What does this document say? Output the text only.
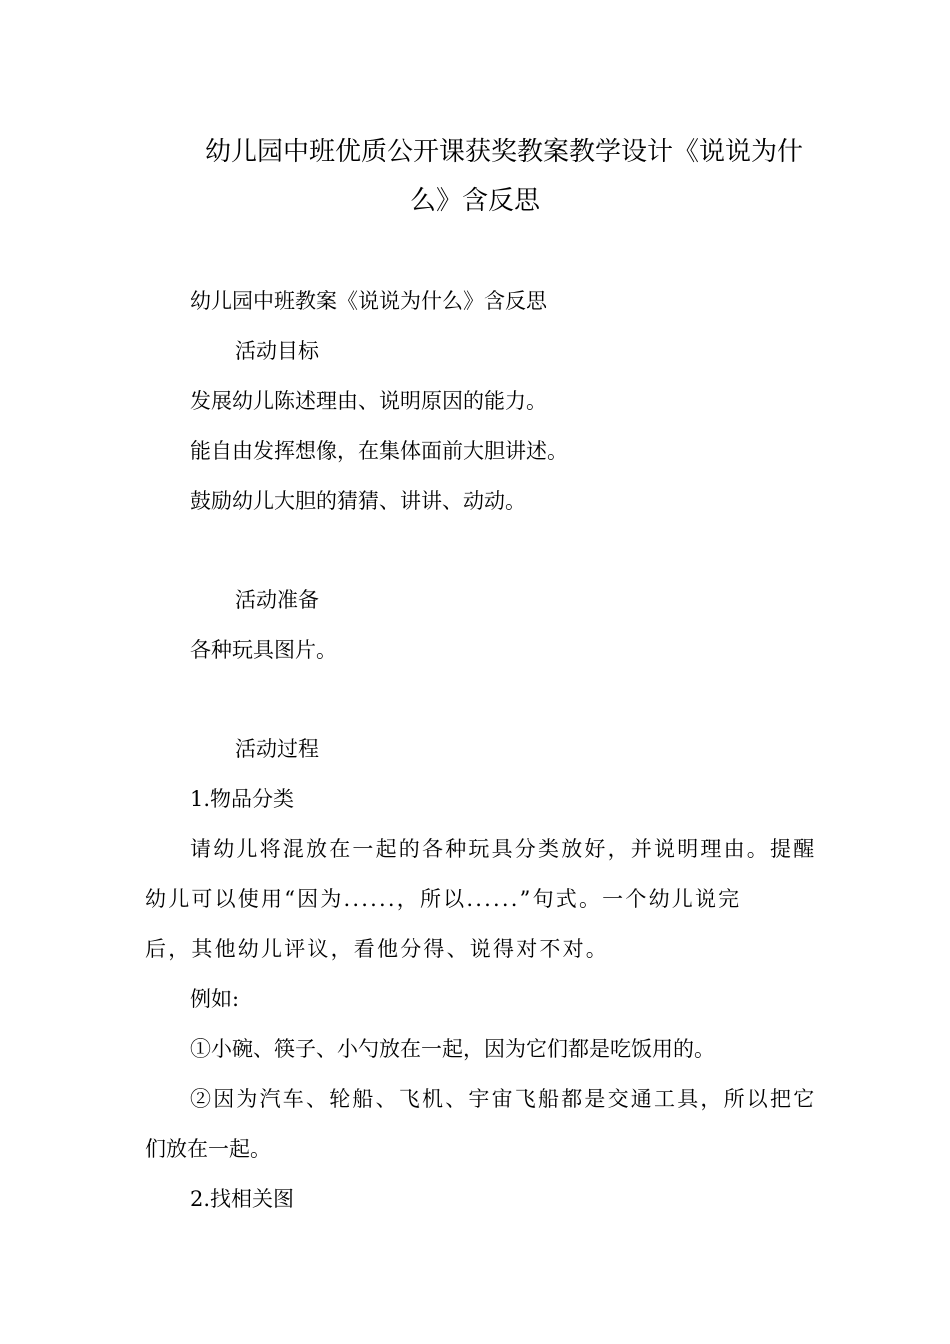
幼儿园中班优质公开课获奖教案教学设计《说说为什
么》含反思
幼儿园中班教案《说说为什么》含反思
活动目标
发展幼儿陈述理由、说明原因的能力。
能自由发挥想像，在集体面前大胆讲述。
鼓励幼儿大胆的猜猜、讲讲、动动。
活动准备
各种玩具图片。
活动过程
1.物品分类
请幼儿将混放在一起的各种玩具分类放好，并说明理由。提醒
幼儿可以使用“因为......，所以......”句式。一个幼儿说完
后，其他幼儿评议，看他分得、说得对不对。
例如:
①小碗、筷子、小勺放在一起，因为它们都是吃饭用的。
②因为汽车、轮船、飞机、宇宙飞船都是交通工具，所以把它
们放在一起。
2.找相关图
